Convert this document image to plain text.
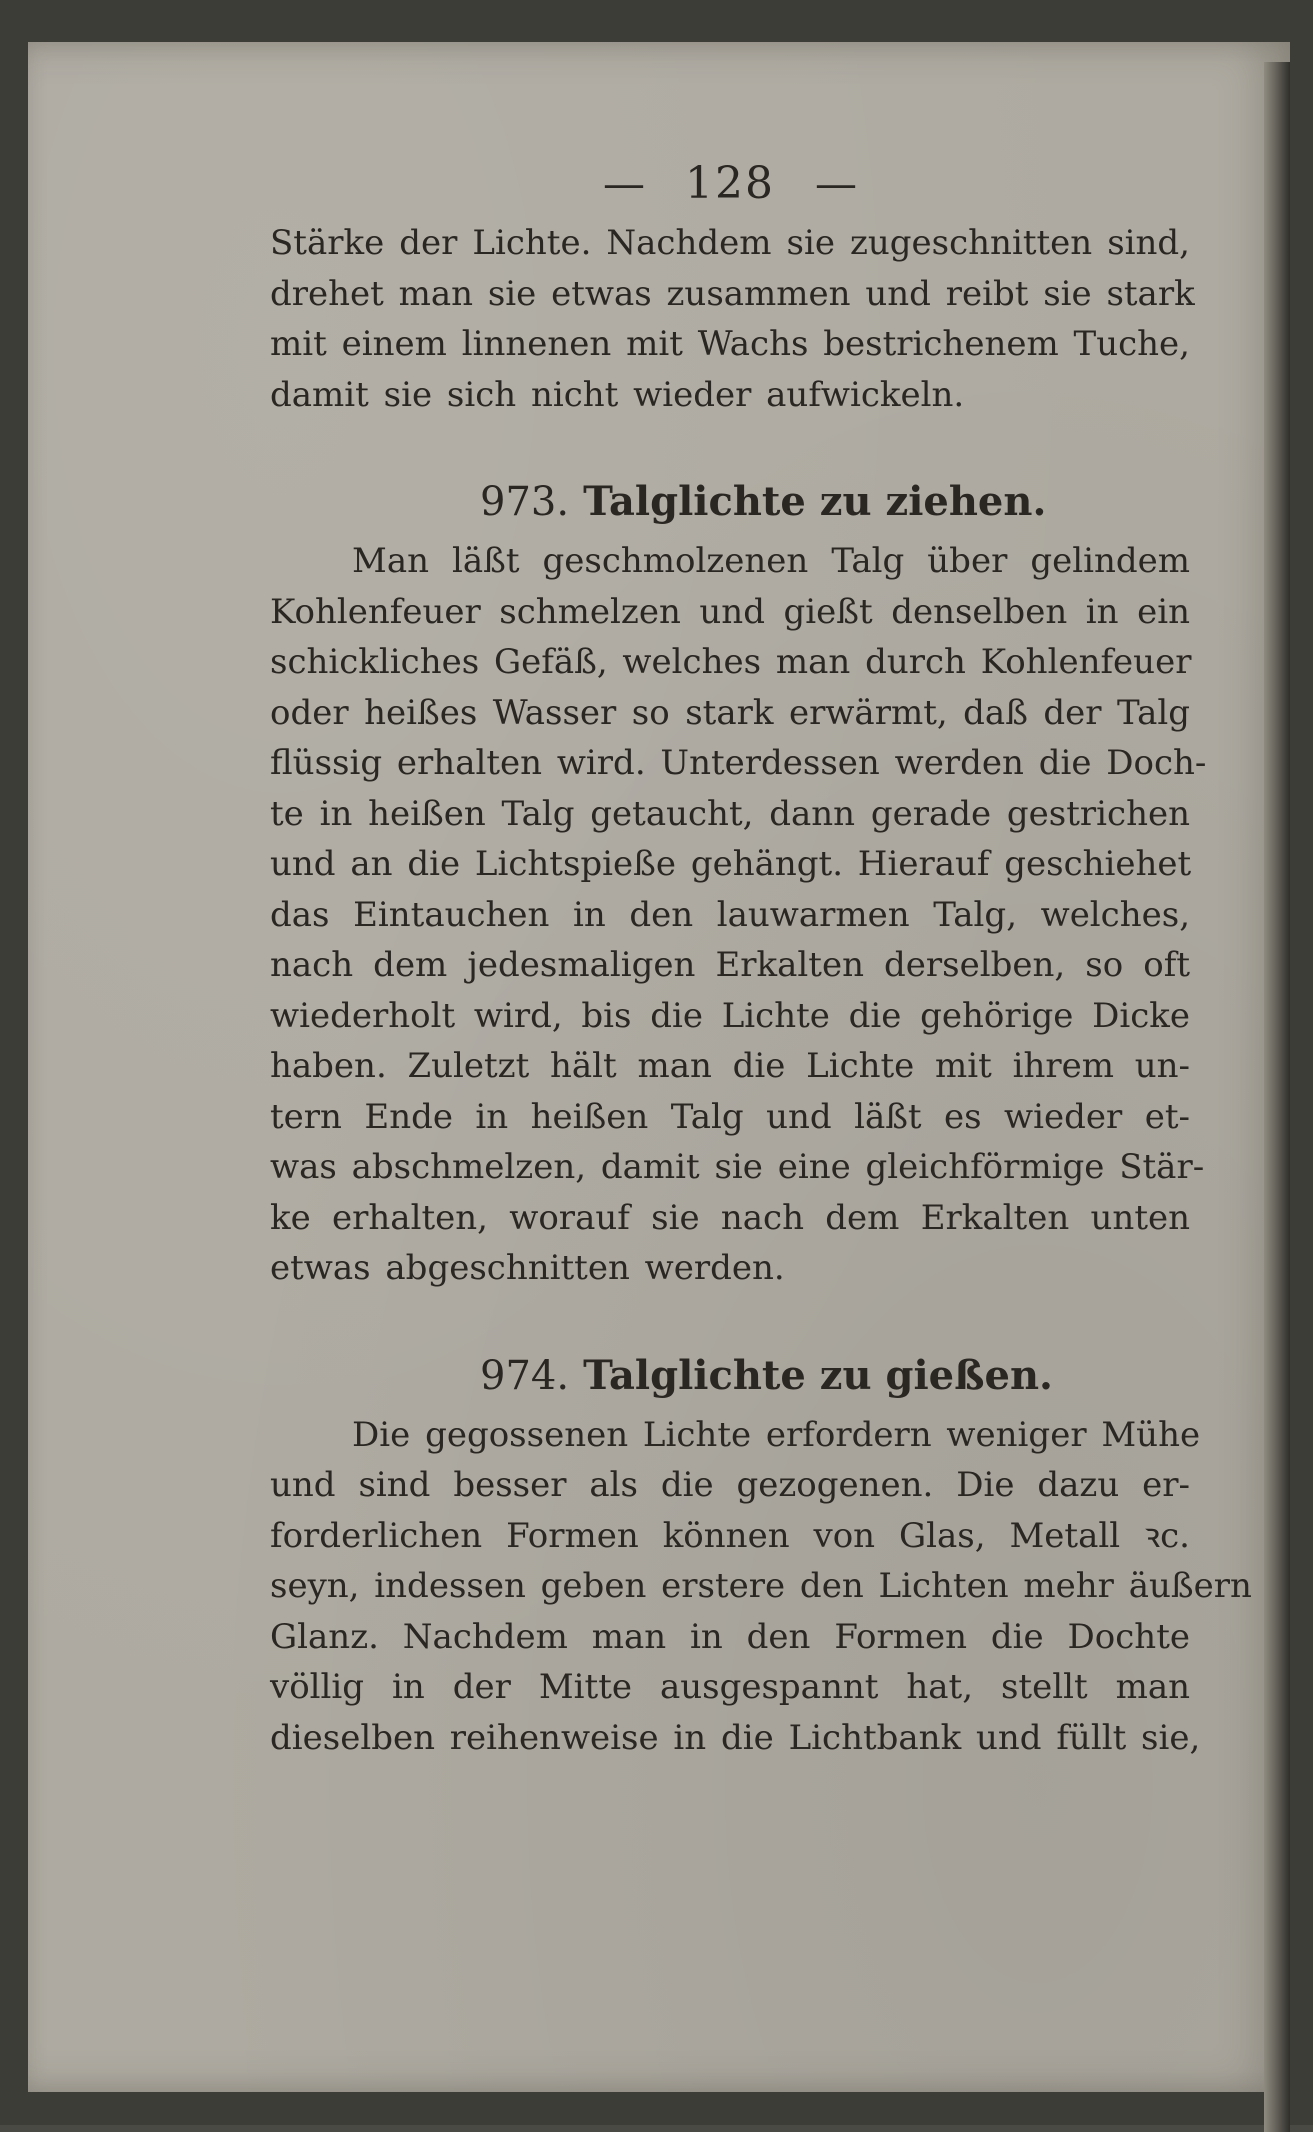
— 128 —
Stärke der Lichte. Nachdem sie zugeschnitten sind,
drehet man sie etwas zusammen und reibt sie stark
mit einem linnenen mit Wachs bestrichenem Tuche,
damit sie sich nicht wieder aufwickeln.
973. Talglichte zu ziehen.
Man läßt geschmolzenen Talg über gelindem
Kohlenfeuer schmelzen und gießt denselben in ein
schickliches Gefäß, welches man durch Kohlenfeuer
oder heißes Wasser so stark erwärmt, daß der Talg
flüssig erhalten wird. Unterdessen werden die Doch-
te in heißen Talg getaucht, dann gerade gestrichen
und an die Lichtspieße gehängt. Hierauf geschiehet
das Eintauchen in den lauwarmen Talg, welches,
nach dem jedesmaligen Erkalten derselben, so oft
wiederholt wird, bis die Lichte die gehörige Dicke
haben. Zuletzt hält man die Lichte mit ihrem un-
tern Ende in heißen Talg und läßt es wieder et-
was abschmelzen, damit sie eine gleichförmige Stär-
ke erhalten, worauf sie nach dem Erkalten unten
etwas abgeschnitten werden.
974. Talglichte zu gießen.
Die gegossenen Lichte erfordern weniger Mühe
und sind besser als die gezogenen. Die dazu er-
forderlichen Formen können von Glas, Metall ꝛc.
seyn, indessen geben erstere den Lichten mehr äußern
Glanz. Nachdem man in den Formen die Dochte
völlig in der Mitte ausgespannt hat, stellt man
dieselben reihenweise in die Lichtbank und füllt sie,
